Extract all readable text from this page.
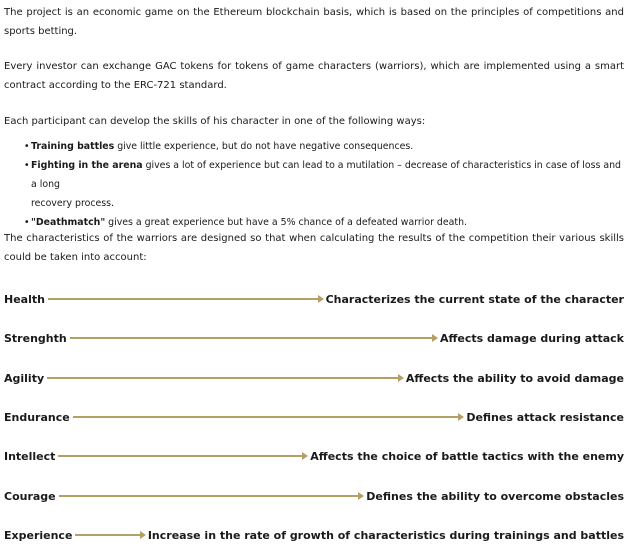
The project is an economic game on the Ethereum blockchain basis, which is based on the principles of competitions and sports betting.

Every investor can exchange GAC tokens for tokens of game characters (warriors), which are implemented using a smart contract according to the ERC-721 standard.

Each participant can develop the skills of his character in one of the following ways:

• Training battles give little experience, but do not have negative consequences.
• Fighting in the arena gives a lot of experience but can lead to a mutilation – decrease of characteristics in case of loss and a long
recovery process.
• "Deathmatch" gives a great experience but have a 5% chance of a defeated warrior death.

The characteristics of the warriors are designed so that when calculating the results of the competition their various skills could be taken into account:

Health	Characterizes the current state of the character
Strenghth	Affects damage during attack
Agility	Affects the ability to avoid damage
Endurance	Defines attack resistance
Intellect	Affects the choice of battle tactics with the enemy
Courage	Defines the ability to overcome obstacles
Experience	Increase in the rate of growth of characteristics during trainings and battles
